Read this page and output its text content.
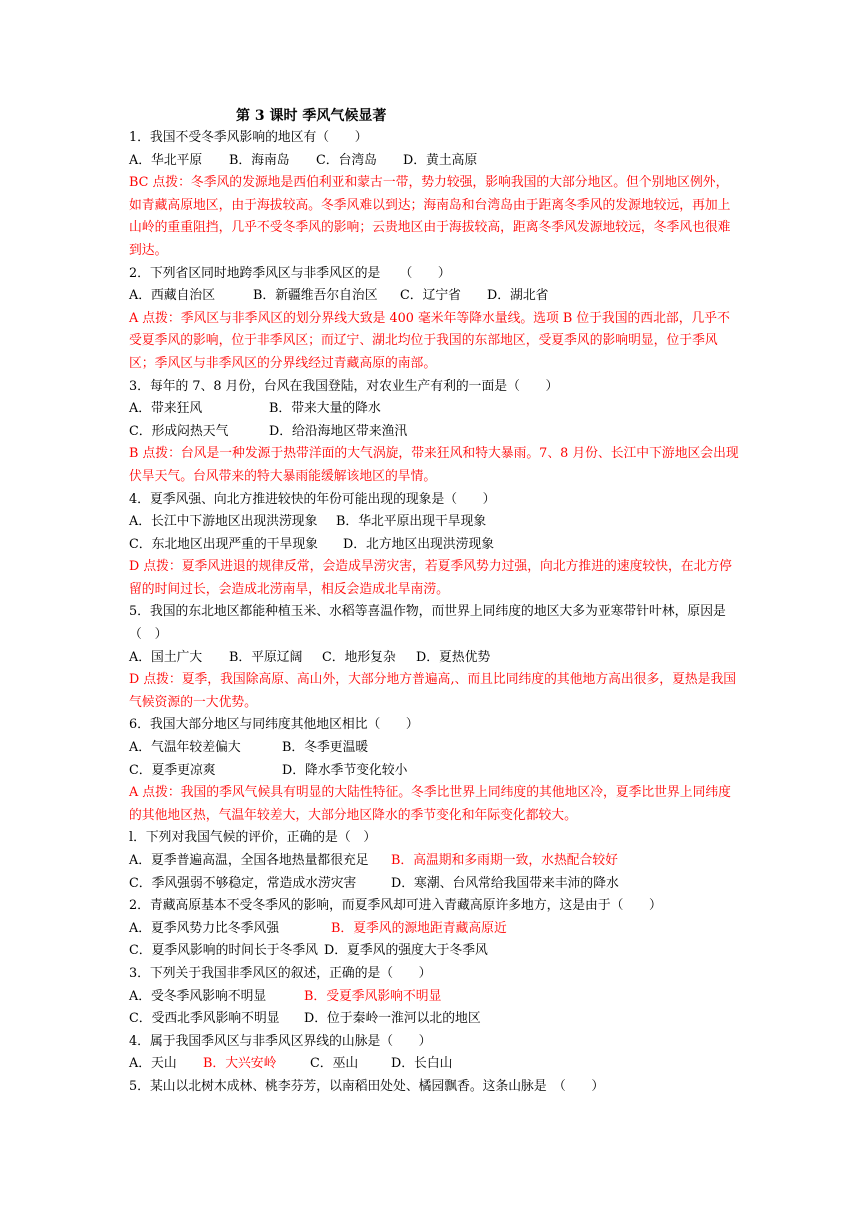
第 3 课时 季风气候显著
1．我国不受冬季风影响的地区有（　　）
A．华北平原 B．海南岛 C．台湾岛 D．黄土高原
BC 点拨：冬季风的发源地是西伯利亚和蒙古一带，势力较强，影响我国的大部分地区。但个别地区例外，如青藏高原地区，由于海拔较高。冬季风难以到达；海南岛和台湾岛由于距离冬季风的发源地较远，再加上山岭的重重阻挡，几乎不受冬季风的影响；云贵地区由于海拔较高，距离冬季风发源地较远，冬季风也很难到达。
2．下列省区同时地跨季风区与非季风区的是　　（　　）
A．西藏自治区	B．新疆维吾尔自治区 C．辽宁省 D．湖北省
A 点拨：季风区与非季风区的划分界线大致是 400 毫米年等降水量线。选项 B 位于我国的西北部，几乎不受夏季风的影响，位于非季风区；而辽宁、湖北均位于我国的东部地区，受夏季风的影响明显，位于季风区；季风区与非季风区的分界线经过青藏高原的南部。
3．每年的 7、8 月份，台风在我国登陆，对农业生产有利的一面是（　　）
A．带来狂风	B．带来大量的降水
C．形成闷热天气	D．给沿海地区带来渔汛
B 点拨：台风是一种发源于热带洋面的大气涡旋，带来狂风和特大暴雨。7、8 月份、长江中下游地区会出现伏旱天气。台风带来的特大暴雨能缓解该地区的旱情。
4．夏季风强、向北方推进较快的年份可能出现的现象是（　　）
A．长江中下游地区出现洪涝现象 B．华北平原出现干旱现象
C．东北地区出现严重的干旱现象 D．北方地区出现洪涝现象
D 点拨：夏季风进退的规律反常，会造成旱涝灾害，若夏季风势力过强，向北方推进的速度较快，在北方停留的时间过长，会造成北涝南旱，相反会造成北旱南涝。
5．我国的东北地区都能种植玉米、水稻等喜温作物，而世界上同纬度的地区大多为亚寒带针叶林，原因是（　）
A．国土广大 B．平原辽阔 C．地形复杂 D．夏热优势
D 点拨：夏季，我国除高原、高山外，大部分地方普遍高,、而且比同纬度的其他地方高出很多，夏热是我国气候资源的一大优势。
6．我国大部分地区与同纬度其他地区相比（　　）
A．气温年较差偏大	B．冬季更温暖
C．夏季更凉爽	D．降水季节变化较小
A 点拨：我国的季风气候具有明显的大陆性特征。冬季比世界上同纬度的其他地区冷，夏季比世界上同纬度的其他地区热，气温年较差大，大部分地区降水的季节变化和年际变化都较大。
l．下列对我国气候的评价，正确的是（　）
A．夏季普遍高温，全国各地热量都很充足 B．高温期和多雨期一致，水热配合较好
C．季风强弱不够稳定，常造成水涝灾害	D．寒潮、台风常给我国带来丰沛的降水
2．青藏高原基本不受冬季风的影响，而夏季风却可进入青藏高原许多地方，这是由于（　　）
A．夏季风势力比冬季风强	B．夏季风的源地距青藏高原近
C．夏季风影响的时间长于冬季风 D．夏季风的强度大于冬季风
3．下列关于我国非季风区的叙述，正确的是（　　）
A．受冬季风影响不明显	B．受夏季风影响不明显
C．受西北季风影响不明显 D．位于秦岭一淮河以北的地区
4．属于我国季风区与非季风区界线的山脉是（　　）
A．天山 B．大兴安岭	C．巫山	D．长白山
5．某山以北树木成林、桃李芬芳，以南稻田处处、橘园飘香。这条山脉是　（　　）
